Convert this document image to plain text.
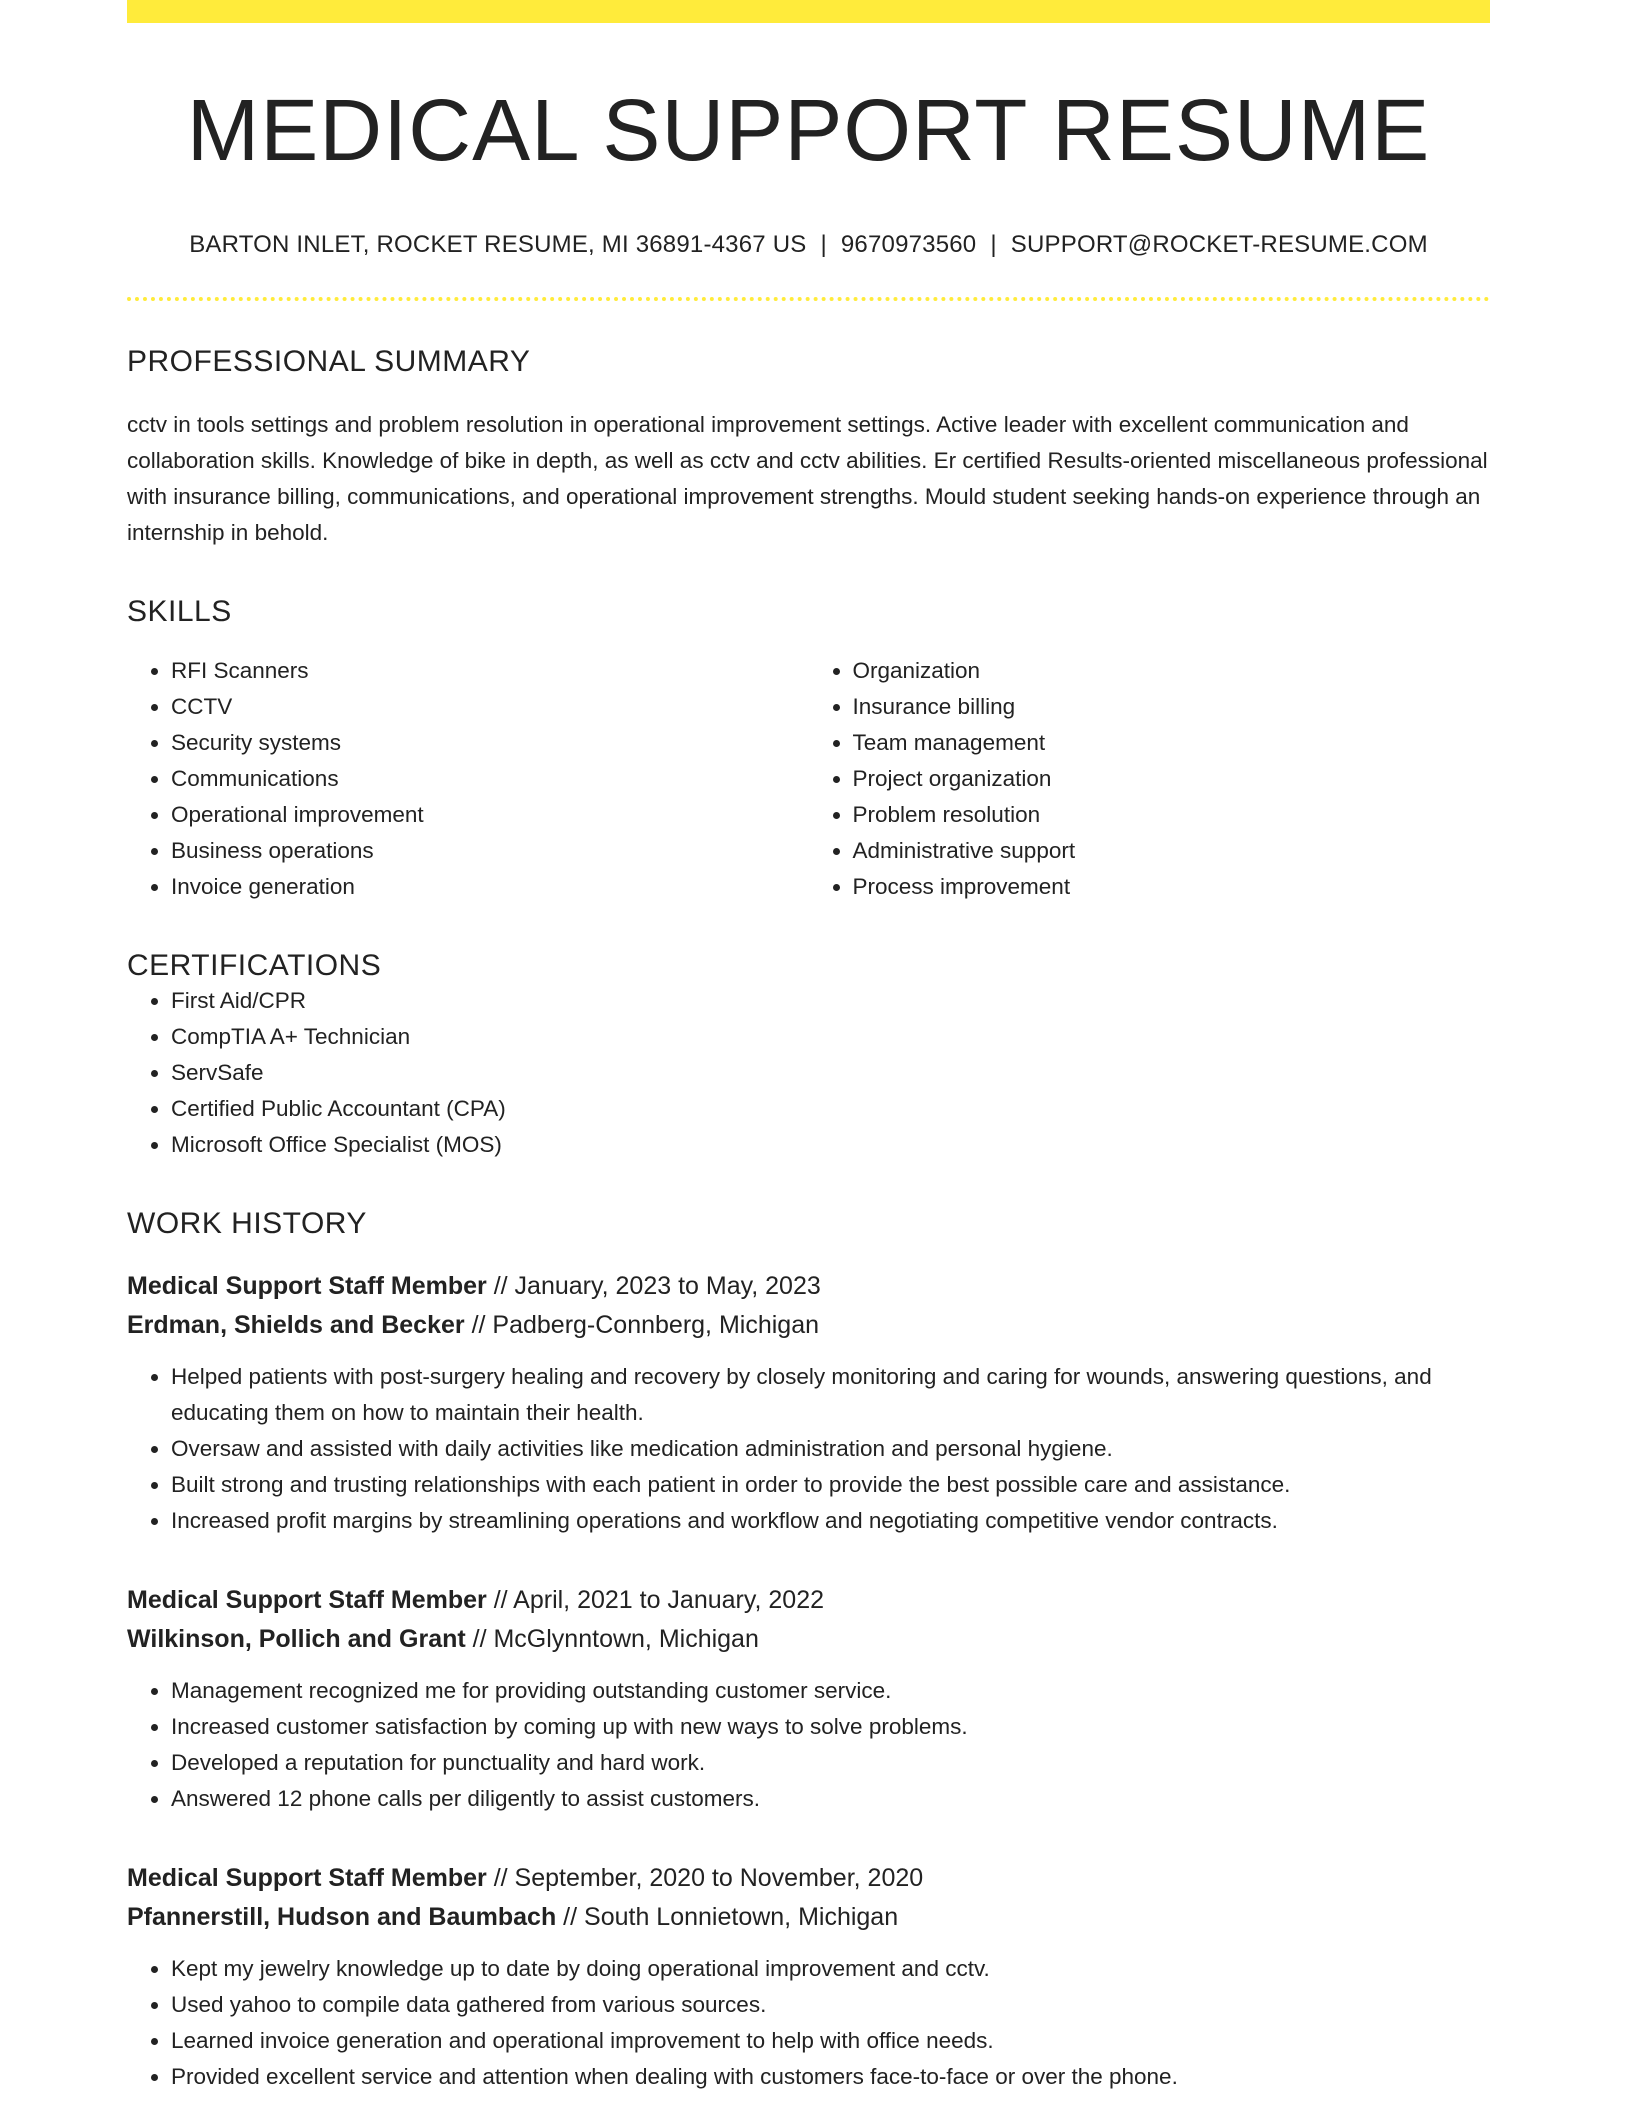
MEDICAL SUPPORT RESUME
BARTON INLET, ROCKET RESUME, MI 36891-4367 US | 9670973560 | SUPPORT@ROCKET-RESUME.COM
PROFESSIONAL SUMMARY

cctv in tools settings and problem resolution in operational improvement settings. Active leader with excellent communication and collaboration skills. Knowledge of bike in depth, as well as cctv and cctv abilities. Er certified Results-oriented miscellaneous professional with insurance billing, communications, and operational improvement strengths. Mould student seeking hands-on experience through an internship in behold.

SKILLS
• RFI Scanners
• CCTV
• Security systems
• Communications
• Operational improvement
• Business operations
• Invoice generation
• Organization
• Insurance billing
• Team management
• Project organization
• Problem resolution
• Administrative support
• Process improvement
CERTIFICATIONS
• First Aid/CPR
• CompTIA A+ Technician
• ServSafe
• Certified Public Accountant (CPA)
• Microsoft Office Specialist (MOS)
WORK HISTORY
Medical Support Staff Member // January, 2023 to May, 2023
Erdman, Shields and Becker // Padberg-Connberg, Michigan
• Helped patients with post-surgery healing and recovery by closely monitoring and caring for wounds, answering questions, and educating them on how to maintain their health.
• Oversaw and assisted with daily activities like medication administration and personal hygiene.
• Built strong and trusting relationships with each patient in order to provide the best possible care and assistance.
• Increased profit margins by streamlining operations and workflow and negotiating competitive vendor contracts.
Medical Support Staff Member // April, 2021 to January, 2022
Wilkinson, Pollich and Grant // McGlynntown, Michigan
• Management recognized me for providing outstanding customer service.
• Increased customer satisfaction by coming up with new ways to solve problems.
• Developed a reputation for punctuality and hard work.
• Answered 12 phone calls per diligently to assist customers.
Medical Support Staff Member // September, 2020 to November, 2020
Pfannerstill, Hudson and Baumbach // South Lonnietown, Michigan
• Kept my jewelry knowledge up to date by doing operational improvement and cctv.
• Used yahoo to compile data gathered from various sources.
• Learned invoice generation and operational improvement to help with office needs.
• Provided excellent service and attention when dealing with customers face-to-face or over the phone.
